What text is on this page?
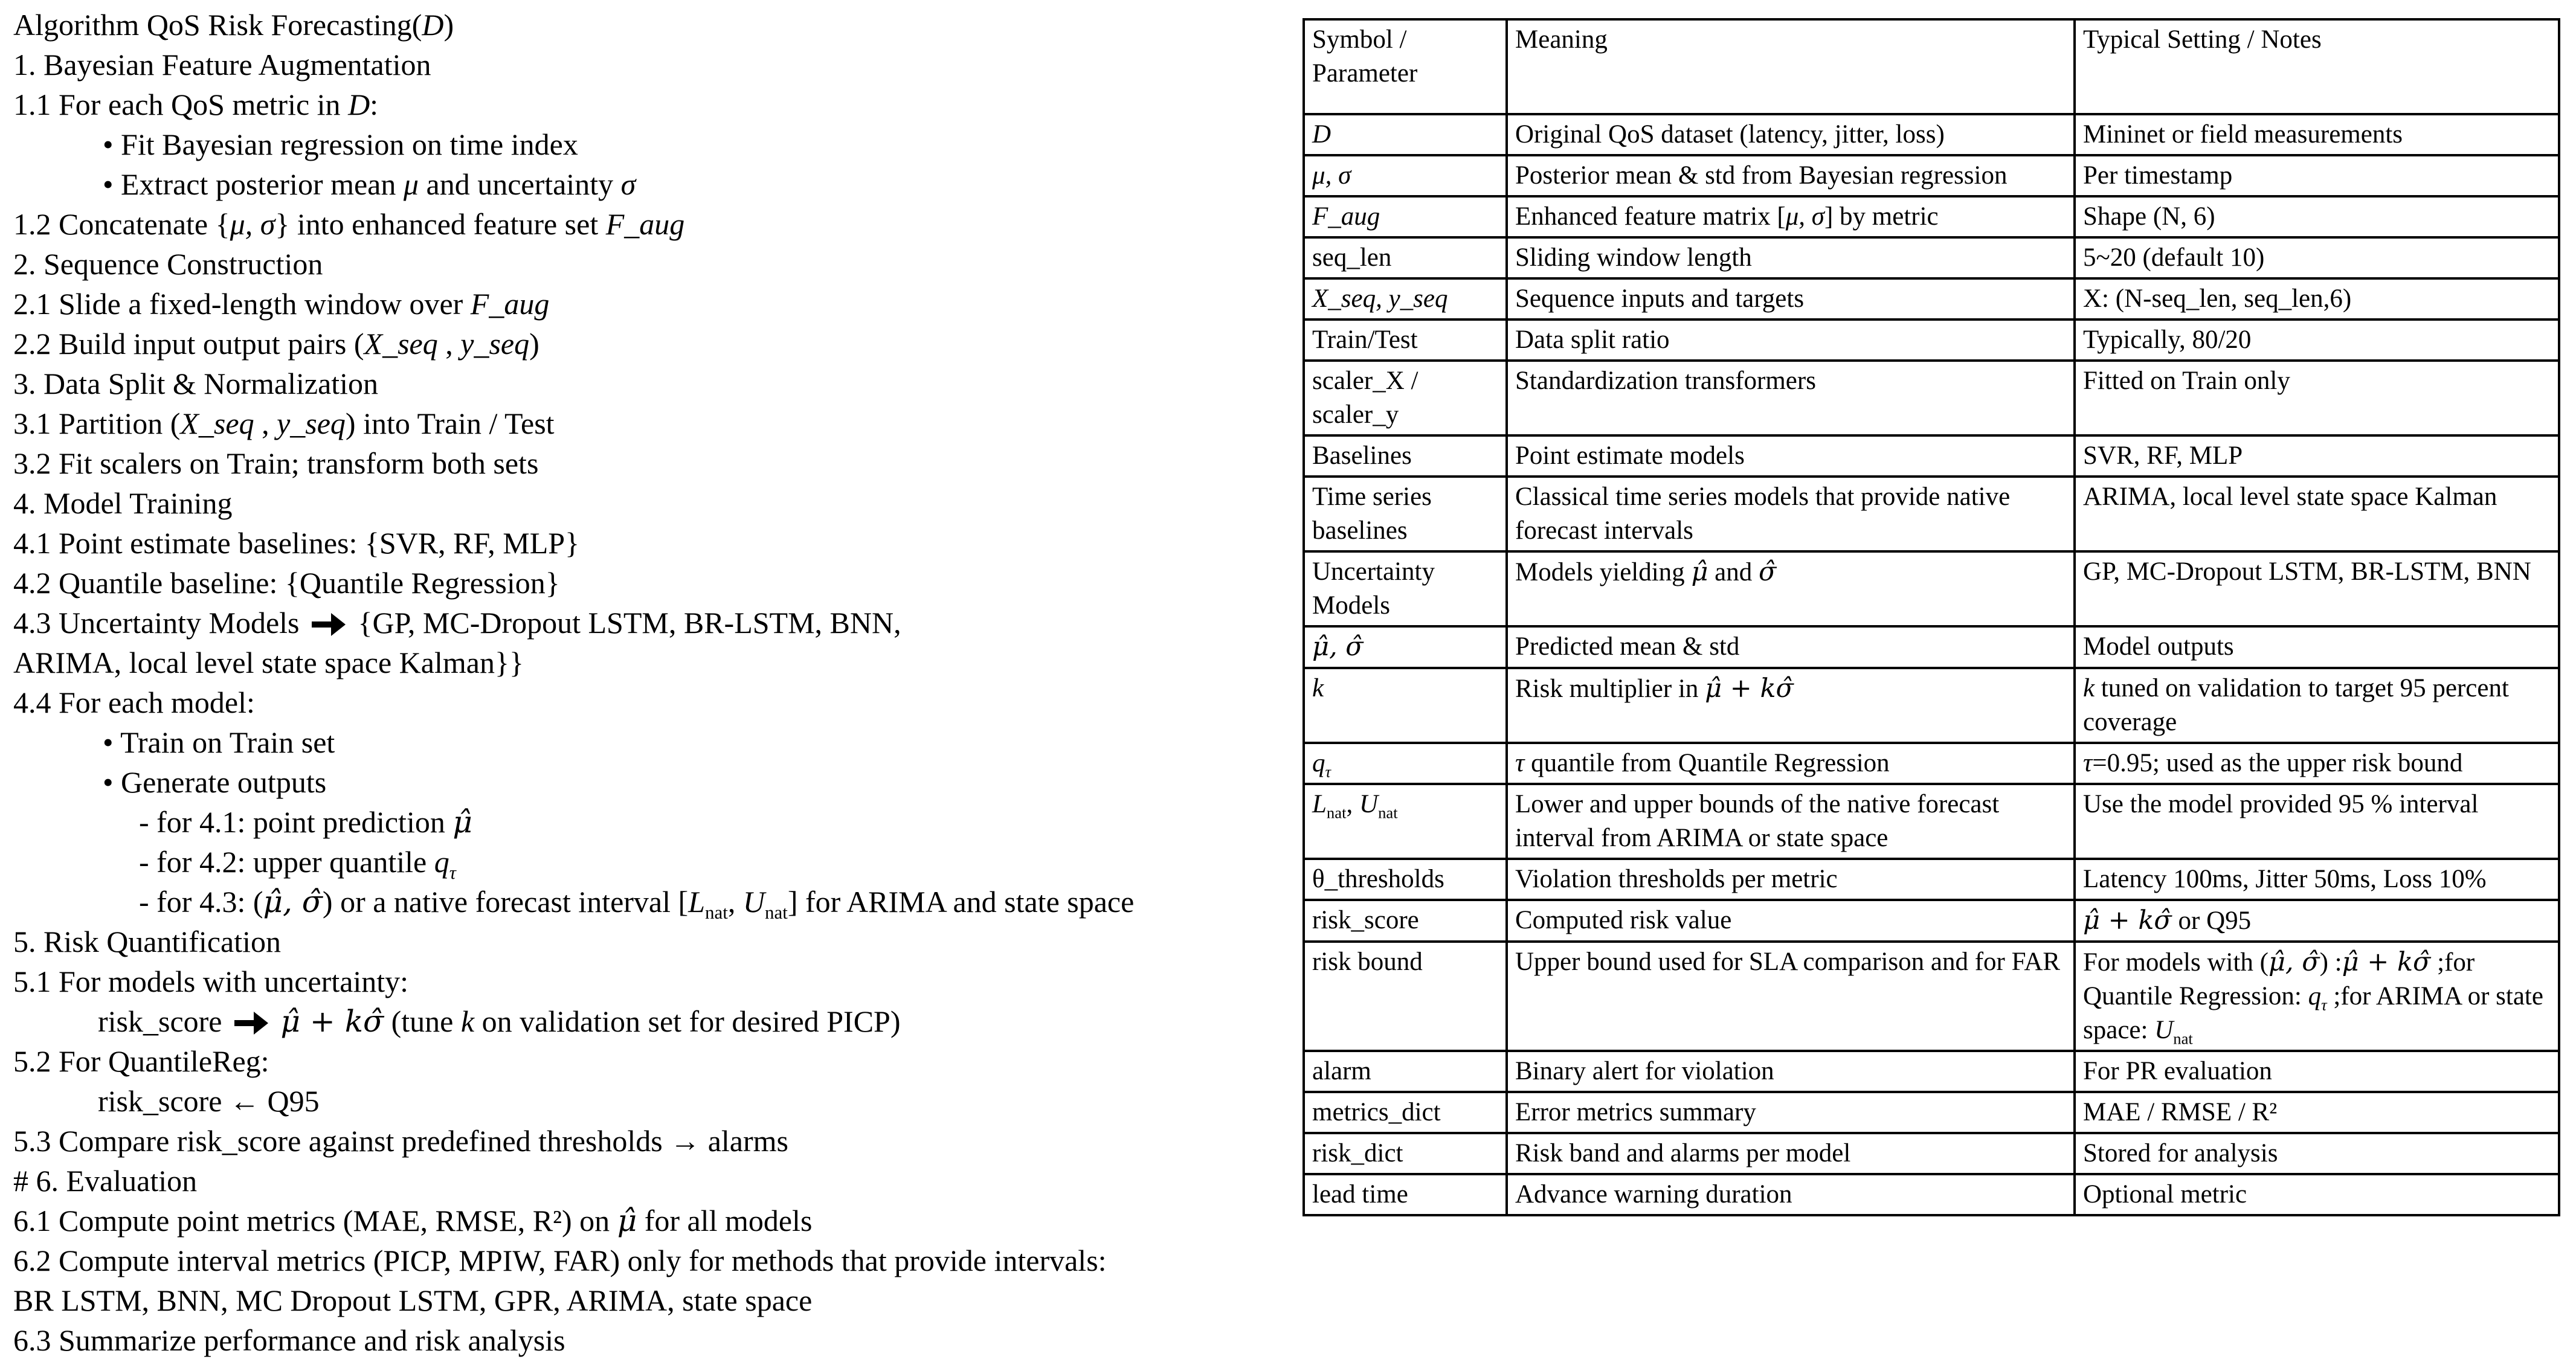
Algorithm QoS Risk Forecasting(D)
1. Bayesian Feature Augmentation
1.1 For each QoS metric in D:
• Fit Bayesian regression on time index
• Extract posterior mean μ and uncertainty σ
1.2 Concatenate {μ, σ} into enhanced feature set F_aug
2. Sequence Construction
2.1 Slide a fixed-length window over F_aug
2.2 Build input output pairs (X_seq , y_seq)
3. Data Split & Normalization
3.1 Partition (X_seq , y_seq) into Train / Test
3.2 Fit scalers on Train; transform both sets
4. Model Training
4.1 Point estimate baselines: {SVR, RF, MLP}
4.2 Quantile baseline: {Quantile Regression}
4.3 Uncertainty Models  {GP, MC-Dropout LSTM, BR-LSTM, BNN,
ARIMA, local level state space Kalman}}
4.4 For each model:
• Train on Train set
• Generate outputs
- for 4.1: point prediction μ̂
- for 4.2: upper quantile $q_\tau$
- for 4.3: (μ̂, σ̂) or a native forecast interval [$L_{nat}$, $U_{nat}$] for ARIMA and state space
5. Risk Quantification
5.1 For models with uncertainty:
risk_score  μ̂ + kσ̂ (tune k on validation set for desired PICP)
5.2 For QuantileReg:
risk_score ← Q95
5.3 Compare risk_score against predefined thresholds → alarms
# 6. Evaluation
6.1 Compute point metrics (MAE, RMSE, R²) on μ̂ for all models
6.2 Compute interval metrics (PICP, MPIW, FAR) only for methods that provide intervals:
BR LSTM, BNN, MC Dropout LSTM, GPR, ARIMA, state space
6.3 Summarize performance and risk analysis
Symbol / Parameter	Meaning	Typical Setting / Notes
D	Original QoS dataset (latency, jitter, loss)	Mininet or field measurements
μ, σ	Posterior mean & std from Bayesian regression	Per timestamp
F_aug	Enhanced feature matrix [μ, σ] by metric	Shape (N, 6)
seq_len	Sliding window length	5~20 (default 10)
X_seq, y_seq	Sequence inputs and targets	X: (N-seq_len, seq_len,6)
Train/Test	Data split ratio	Typically, 80/20
scaler_X / scaler_y	Standardization transformers	Fitted on Train only
Baselines	Point estimate models	SVR, RF, MLP
Time series baselines	Classical time series models that provide native forecast intervals	ARIMA, local level state space Kalman
Uncertainty Models	Models yielding μ̂ and σ̂	GP, MC-Dropout LSTM, BR-LSTM, BNN
μ̂, σ̂	Predicted mean & std	Model outputs
k	Risk multiplier in μ̂ + kσ̂	k tuned on validation to target 95 percent coverage
$q_\tau$	τ quantile from Quantile Regression	τ=0.95; used as the upper risk bound
$L_{nat}$, $U_{nat}$	Lower and upper bounds of the native forecast interval from ARIMA or state space	Use the model provided 95 % interval
θ_thresholds	Violation thresholds per metric	Latency 100ms, Jitter 50ms, Loss 10%
risk_score	Computed risk value	μ̂ + kσ̂ or Q95
risk bound	Upper bound used for SLA comparison and for FAR	For models with (μ̂, σ̂) :μ̂ + kσ̂ ;for Quantile Regression: $q_\tau$ ;for ARIMA or state space: $U_{nat}$
alarm	Binary alert for violation	For PR evaluation
metrics_dict	Error metrics summary	MAE / RMSE / R²
risk_dict	Risk band and alarms per model	Stored for analysis
lead time	Advance warning duration	Optional metric
